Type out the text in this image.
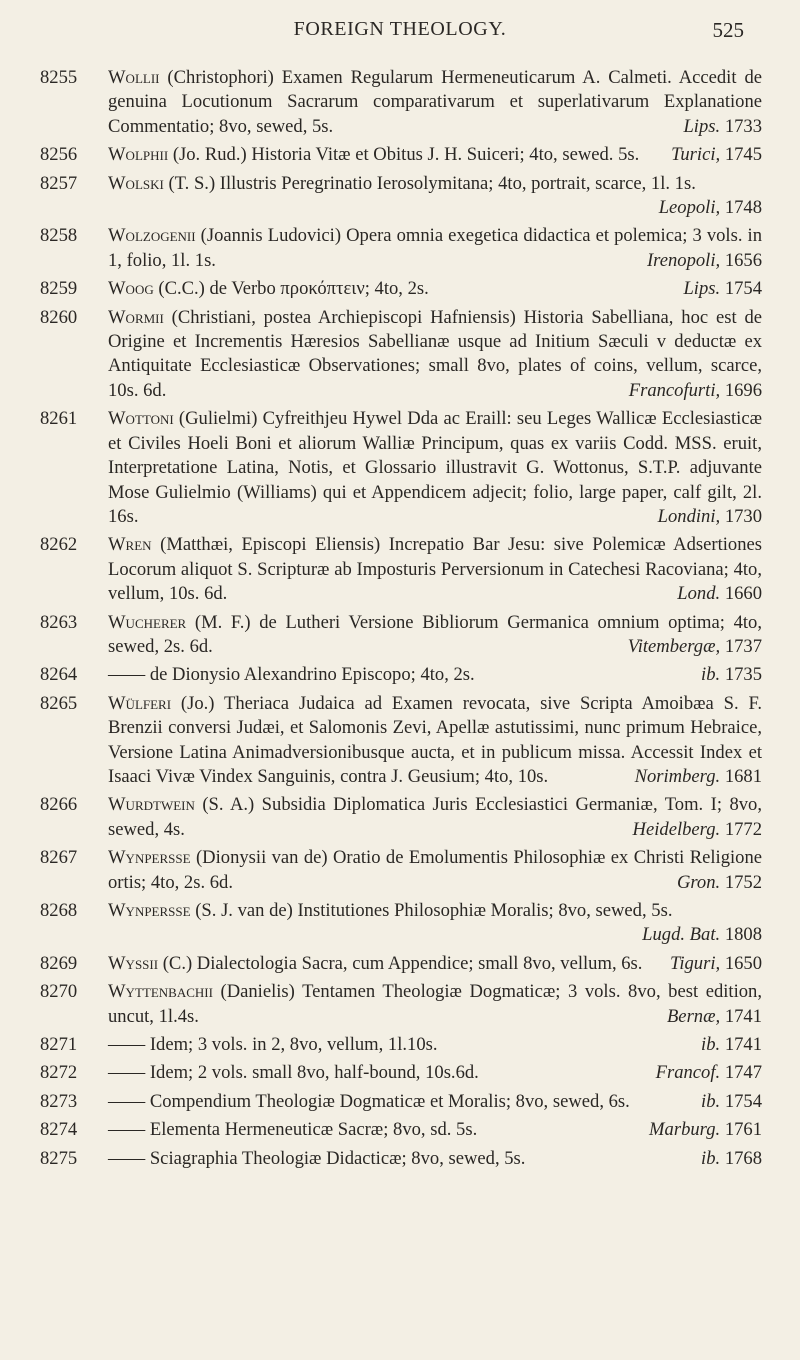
FOREIGN THEOLOGY.	525
8255 Wollii (Christophori) Examen Regularum Hermeneuticarum A. Calmeti. Accedit de genuina Locutionum Sacrarum comparativarum et superlativarum Explanatione Commentatio; 8vo, sewed, 5s.	Lips. 1733
8256 Wolphii (Jo. Rud.) Historia Vitæ et Obitus J. H. Suiceri; 4to, sewed. 5s.	Turici, 1745
8257 Wolski (T. S.) Illustris Peregrinatio Ierosolymitana; 4to, portrait, scarce, 1l. 1s.
Leopoli, 1748
8258 Wolzogenii (Joannis Ludovici) Opera omnia exegetica didactica et polemica; 3 vols. in 1, folio, 1l. 1s.	Irenopoli, 1656
8259 Woog (C.C.) de Verbo προκόπτειν; 4to, 2s.	Lips. 1754
8260 Wormii (Christiani, postea Archiepiscopi Hafniensis) Historia Sabelliana, hoc est de Origine et Incrementis Hæresios Sabellianæ usque ad Initium Sæculi v deductæ ex Antiquitate Ecclesiasticæ Observationes; small 8vo, plates of coins, vellum, scarce, 10s. 6d.	Francofurti, 1696
8261 Wottoni (Gulielmi) Cyfreithjeu Hywel Dda ac Eraill: seu Leges Wallicæ Ecclesiasticæ et Civiles Hoeli Boni et aliorum Walliæ Principum, quas ex variis Codd. MSS. eruit, Interpretatione Latina, Notis, et Glossario illustravit G. Wottonus, S.T.P. adjuvante Mose Gulielmio (Williams) qui et Appendicem adjecit; folio, large paper, calf gilt, 2l. 16s.	Londini, 1730
8262 Wren (Matthæi, Episcopi Eliensis) Increpatio Bar Jesu: sive Polemicæ Adsertiones Locorum aliquot S. Scripturæ ab Imposturis Perversionum in Catechesi Racoviana; 4to, vellum, 10s. 6d.	Lond. 1660
8263 Wucherer (M. F.) de Lutheri Versione Bibliorum Germanica omnium optima; 4to, sewed, 2s. 6d.	Vitembergæ, 1737
8264 —— de Dionysio Alexandrino Episcopo; 4to, 2s.	ib. 1735
8265 Wülferi (Jo.) Theriaca Judaica ad Examen revocata, sive Scripta Amoibæa S. F. Brenzii conversi Judæi, et Salomonis Zevi, Apellæ astutissimi, nunc primum Hebraice, Versione Latina Animadversionibusque aucta, et in publicum missa. Accessit Index et Isaaci Vivæ Vindex Sanguinis, contra J. Geusium; 4to, 10s.	Norimberg. 1681
8266 Wurdtwein (S. A.) Subsidia Diplomatica Juris Ecclesiastici Germaniæ, Tom. I; 8vo, sewed, 4s.	Heidelberg. 1772
8267 Wynpersse (Dionysii van de) Oratio de Emolumentis Philosophiæ ex Christi Religione ortis; 4to, 2s. 6d.	Gron. 1752
8268 Wynpersse (S. J. van de) Institutiones Philosophiæ Moralis; 8vo, sewed, 5s.
Lugd. Bat. 1808
8269 Wyssii (C.) Dialectologia Sacra, cum Appendice; small 8vo, vellum, 6s.	Tiguri, 1650
8270 Wyttenbachii (Danielis) Tentamen Theologiæ Dogmaticæ; 3 vols. 8vo, best edition, uncut, 1l.4s.	Bernæ, 1741
8271 —— Idem; 3 vols. in 2, 8vo, vellum, 1l.10s.	ib. 1741
8272 —— Idem; 2 vols. small 8vo, half-bound, 10s.6d.	Francof. 1747
8273 —— Compendium Theologiæ Dogmaticæ et Moralis; 8vo, sewed, 6s.	ib. 1754
8274 —— Elementa Hermeneuticæ Sacræ; 8vo, sd. 5s.	Marburg. 1761
8275 —— Sciagraphia Theologiæ Didacticæ; 8vo, sewed, 5s.	ib. 1768
